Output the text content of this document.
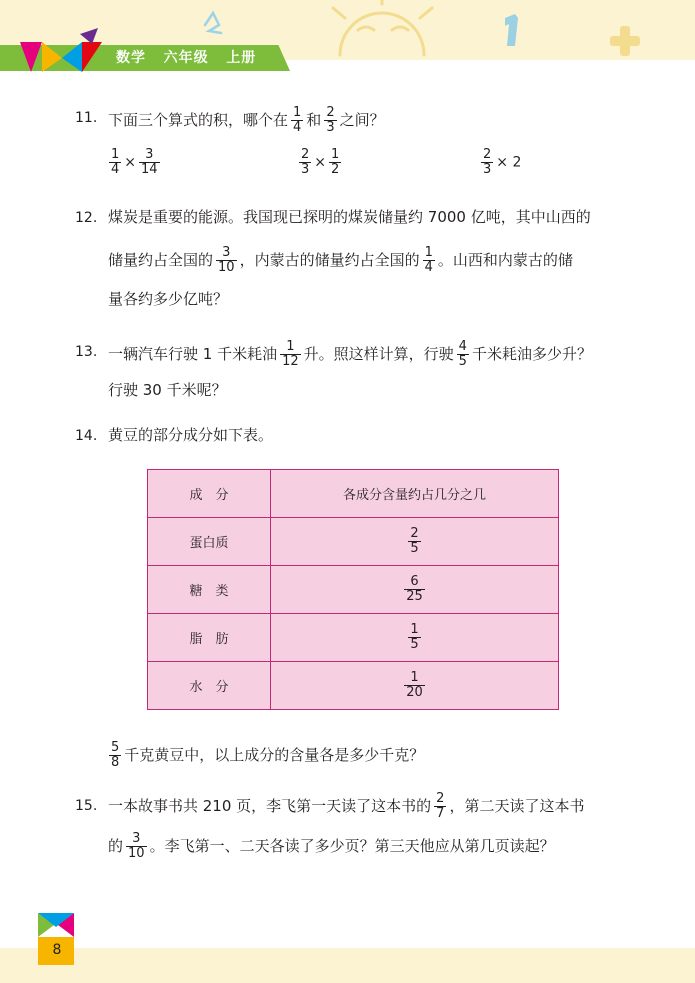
数学   六年级   上册
11. 下面三个算式的积，哪个在 $\frac{1}{4}$ 和 $\frac{2}{3}$ 之间？
$\frac{1}{4} \times \frac{3}{14}$	$\frac{2}{3} \times \frac{1}{2}$	$\frac{2}{3} \times 2$
12. 煤炭是重要的能源。我国现已探明的煤炭储量约 7000 亿吨，其中山西的
储量约占全国的 $\frac{3}{10}$ ，内蒙古的储量约占全国的 $\frac{1}{4}$ 。山西和内蒙古的储
量各约多少亿吨？
13. 一辆汽车行驶 1 千米耗油 $\frac{1}{12}$ 升。照这样计算，行驶 $\frac{4}{5}$ 千米耗油多少升？
行驶 30 千米呢？
14. 黄豆的部分成分如下表。
成　分	各成分含量约占几分之几
蛋白质	$\frac{2}{5}$

糖　类	$\frac{6}{25}$

脂　肪	$\frac{1}{5}$

水　分	$\frac{1}{20}$
$\frac{5}{8}$ 千克黄豆中，以上成分的含量各是多少千克？
15. 一本故事书共 210 页，李飞第一天读了这本书的 $\frac{2}{7}$ ，第二天读了这本书
的 $\frac{3}{10}$ 。李飞第一、二天各读了多少页？第三天他应从第几页读起？
8
